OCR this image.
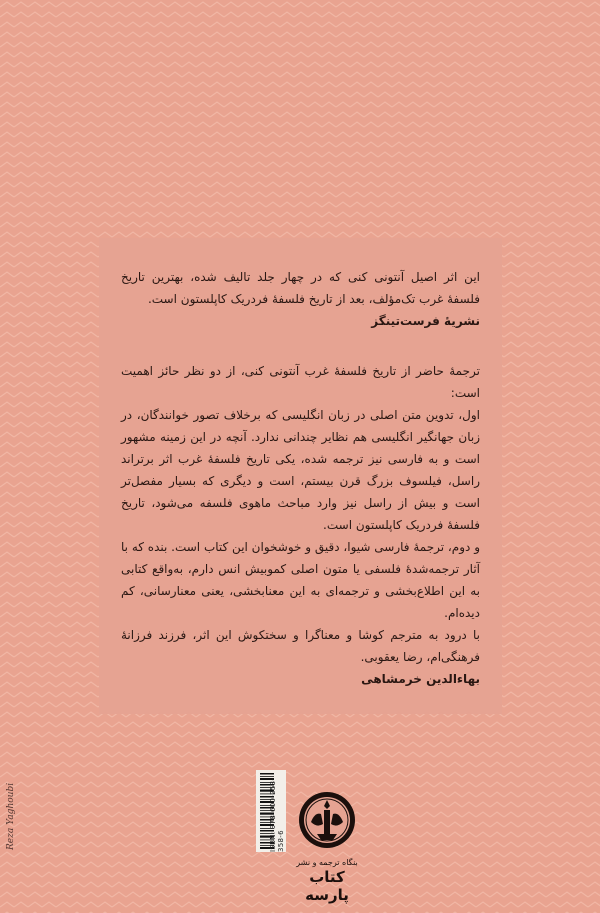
این اثر اصیل آنتونی کنی که در چهار جلد تالیف شده، بهترین تاریخ فلسفهٔ غرب تک‌مؤلف، بعد از تاریخ فلسفهٔ فردریک کاپلستون است.

نشریهٔ فرست‌تینگز

ترجمهٔ حاضر از تاریخ فلسفهٔ غرب آنتونی کنی، از دو نظر حائز اهمیت است:

اول، تدوین متن اصلی در زبان انگلیسی که برخلاف تصور خوانندگان، در زبان جهانگیر انگلیسی هم نظایر چندانی ندارد. آنچه در این زمینه مشهور است و به فارسی نیز ترجمه شده، یکی تاریخ فلسفهٔ غرب اثر برتراند راسل، فیلسوف بزرگ قرن بیستم، است و دیگری که بسیار مفصل‌تر است و بیش از راسل نیز وارد مباحث ماهوی فلسفه می‌شود، تاریخ فلسفهٔ فردریک کاپلستون است.

و دوم، ترجمهٔ فارسی شیوا، دقیق و خوشخوان این کتاب است. بنده که با آثار ترجمه‌شدهٔ فلسفی یا متون اصلی کموبیش انس دارم، به‌واقع کتابی به این اطلاع‌بخشی و ترجمه‌ای به این معنابخشی، یعنی معنارسانی، کم دیده‌ام.

با درود به مترجم کوشا و معناگرا و سختکوش این اثر، فرزند فرزانهٔ فرهنگی‌ام، رضا یعقوبی.

بهاءالدین خرمشاهی

Reza Yaghoubi	ISBN: 978-600-253-358-6
بنگاه ترجمه و نشر
کتاب پارسه
